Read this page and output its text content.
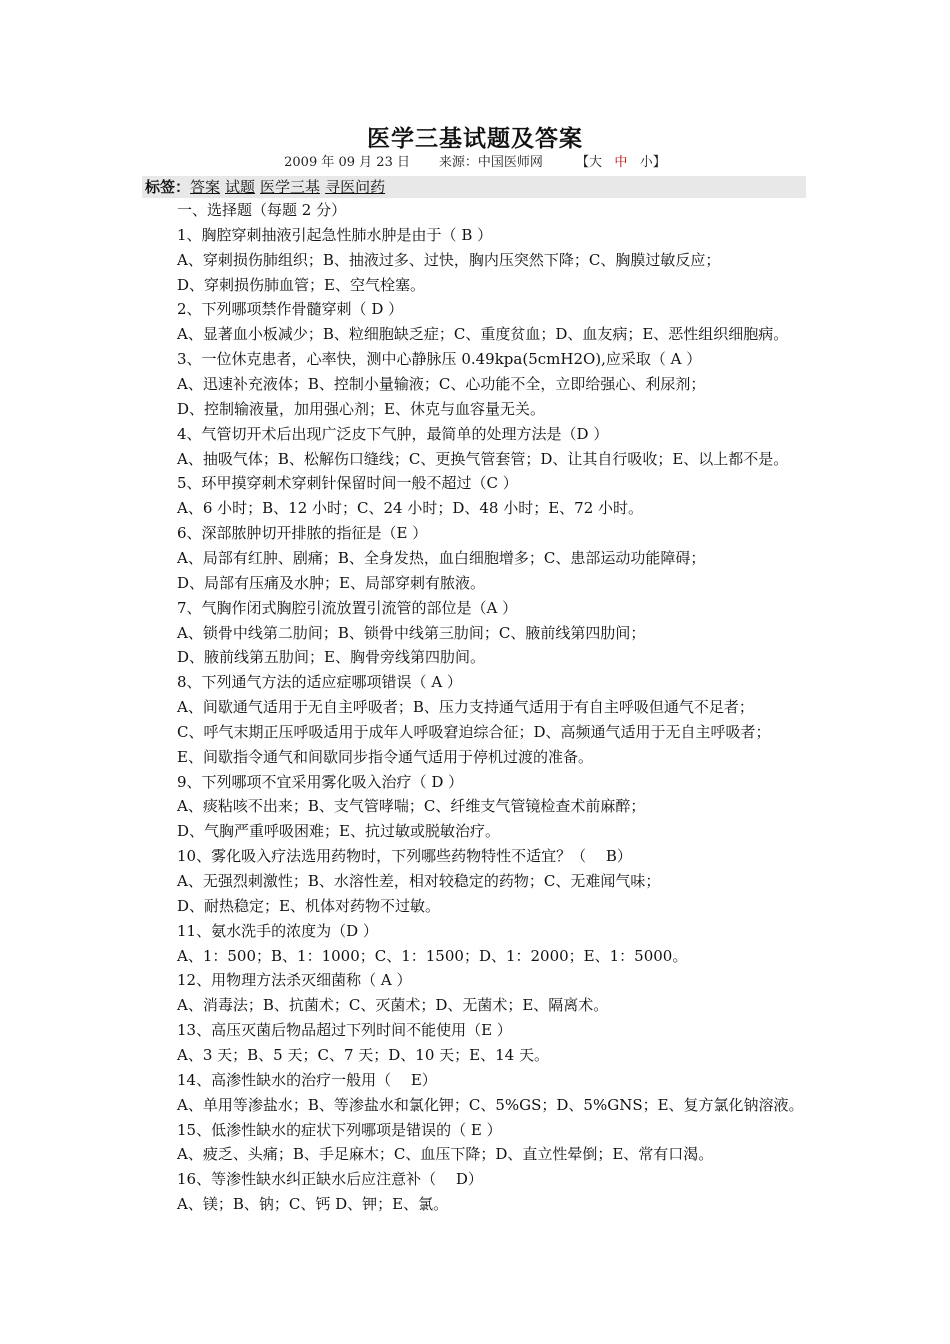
医学三基试题及答案
2009 年 09 月 23 日 来源：中国医师网	【大 中 小】
标签：答案 试题 医学三基 寻医问药
一、选择题（每题 2 分）
1、胸腔穿刺抽液引起急性肺水肿是由于（ B ）
A、穿刺损伤肺组织；B、抽液过多、过快，胸内压突然下降；C、胸膜过敏反应；
D、穿刺损伤肺血管；E、空气栓塞。
2、下列哪项禁作骨髓穿刺（ D ）
A、显著血小板减少；B、粒细胞缺乏症；C、重度贫血；D、血友病；E、恶性组织细胞病。
3、一位休克患者，心率快，测中心静脉压 0.49kpa(5cmH2O),应采取（ A ）
A、迅速补充液体；B、控制小量输液；C、心功能不全，立即给强心、利尿剂；
D、控制输液量，加用强心剂；E、休克与血容量无关。
4、气管切开术后出现广泛皮下气肿，最简单的处理方法是（D ）
A、抽吸气体；B、松解伤口缝线；C、更换气管套管；D、让其自行吸收；E、以上都不是。
5、环甲摸穿刺术穿刺针保留时间一般不超过（C ）
A、6 小时；B、12 小时；C、24 小时；D、48 小时；E、72 小时。
6、深部脓肿切开排脓的指征是（E ）
A、局部有红肿、剧痛；B、全身发热，血白细胞增多；C、患部运动功能障碍；
D、局部有压痛及水肿；E、局部穿刺有脓液。
7、气胸作闭式胸腔引流放置引流管的部位是（A ）
A、锁骨中线第二肋间；B、锁骨中线第三肋间；C、腋前线第四肋间；
D、腋前线第五肋间；E、胸骨旁线第四肋间。
8、下列通气方法的适应症哪项错误（ A ）
A、间歇通气适用于无自主呼吸者；B、压力支持通气适用于有自主呼吸但通气不足者；
C、呼气末期正压呼吸适用于成年人呼吸窘迫综合征；D、高频通气适用于无自主呼吸者；
E、间歇指令通气和间歇同步指令通气适用于停机过渡的准备。
9、下列哪项不宜采用雾化吸入治疗（ D ）
A、痰粘咳不出来；B、支气管哮喘；C、纤维支气管镜检查术前麻醉；
D、气胸严重呼吸困难；E、抗过敏或脱敏治疗。
10、雾化吸入疗法选用药物时，下列哪些药物特性不适宜？（　 B）
A、无强烈刺激性；B、水溶性差，相对较稳定的药物；C、无难闻气味；
D、耐热稳定；E、机体对药物不过敏。
11、氨水洗手的浓度为（D ）
A、1：500；B、1：1000；C、1：1500；D、1：2000；E、1：5000。
12、用物理方法杀灭细菌称（ A ）
A、消毒法；B、抗菌术；C、灭菌术；D、无菌术；E、隔离术。
13、高压灭菌后物品超过下列时间不能使用（E ）
A、3 天；B、5 天；C、7 天；D、10 天；E、14 天。
14、高渗性缺水的治疗一般用（　 E）
A、单用等渗盐水；B、等渗盐水和氯化钾；C、5%GS；D、5%GNS；E、复方氯化钠溶液。
15、低渗性缺水的症状下列哪项是错误的（ E ）
A、疲乏、头痛；B、手足麻木；C、血压下降；D、直立性晕倒；E、常有口渴。
16、等渗性缺水纠正缺水后应注意补（　 D）
A、镁；B、钠；C、钙 D、钾；E、氯。
